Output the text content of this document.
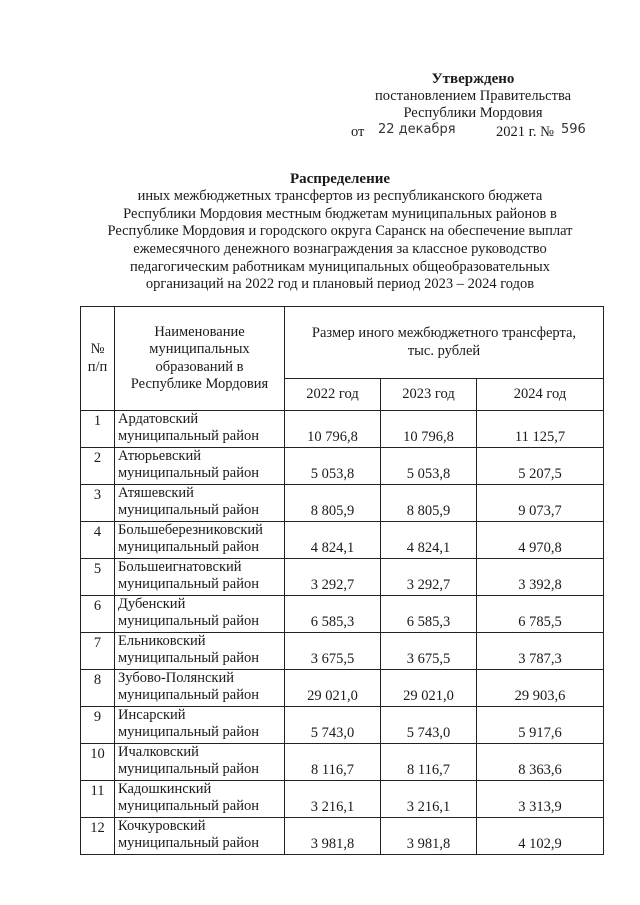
Утверждено
постановлением Правительства
Республики Мордовия
от 22 декабря	2021 г. № 596
Распределение
иных межбюджетных трансфертов из республиканского бюджета
Республики Мордовия местным бюджетам муниципальных районов в
Республике Мордовия и городского округа Саранск на обеспечение выплат
ежемесячного денежного вознаграждения за классное руководство
педагогическим работникам муниципальных общеобразовательных
организаций на 2022 год и плановый период 2023 – 2024 годов
№ п/п	Наименование муниципальных образований в Республике Мордовия	Размер иного межбюджетного трансферта, тыс. рублей		

		2022 год	2023 год	2024 год
1	Ардатовский
муниципальный район	10 796,8	10 796,8	11 125,7
2	Атюрьевский
муниципальный район	5 053,8	5 053,8	5 207,5
3	Атяшевский
муниципальный район	8 805,9	8 805,9	9 073,7
4	Большеберезниковский
муниципальный район	4 824,1	4 824,1	4 970,8
5	Большеигнатовский
муниципальный район	3 292,7	3 292,7	3 392,8
6	Дубенский
муниципальный район	6 585,3	6 585,3	6 785,5
7	Ельниковский
муниципальный район	3 675,5	3 675,5	3 787,3
8	Зубово-Полянский
муниципальный район	29 021,0	29 021,0	29 903,6
9	Инсарский
муниципальный район	5 743,0	5 743,0	5 917,6
10	Ичалковский
муниципальный район	8 116,7	8 116,7	8 363,6
11	Кадошкинский
муниципальный район	3 216,1	3 216,1	3 313,9
12	Кочкуровский
муниципальный район	3 981,8	3 981,8	4 102,9
